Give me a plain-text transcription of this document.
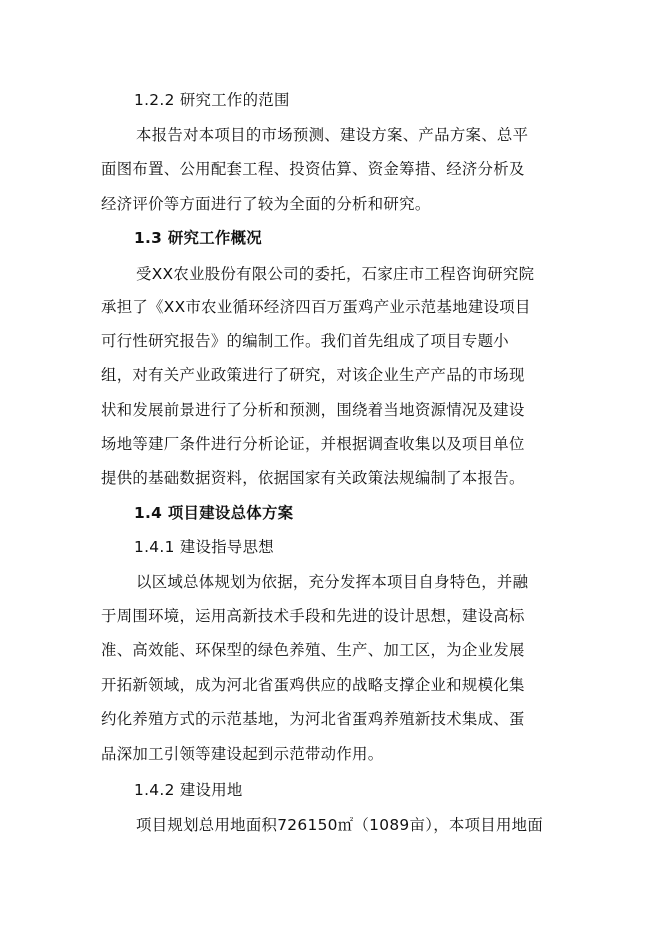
1.2.2 研究工作的范围
本报告对本项目的市场预测、建设方案、产品方案、总平
面图布置、公用配套工程、投资估算、资金筹措、经济分析及
经济评价等方面进行了较为全面的分析和研究。
1.3 研究工作概况
受XX农业股份有限公司的委托，石家庄市工程咨询研究院
承担了《XX市农业循环经济四百万蛋鸡产业示范基地建设项目
可行性研究报告》的编制工作。我们首先组成了项目专题小
组，对有关产业政策进行了研究，对该企业生产产品的市场现
状和发展前景进行了分析和预测，围绕着当地资源情况及建设
场地等建厂条件进行分析论证，并根据调查收集以及项目单位
提供的基础数据资料，依据国家有关政策法规编制了本报告。
1.4 项目建设总体方案
1.4.1 建设指导思想
以区域总体规划为依据，充分发挥本项目自身特色，并融
于周围环境，运用高新技术手段和先进的设计思想，建设高标
准、高效能、环保型的绿色养殖、生产、加工区，为企业发展
开拓新领域，成为河北省蛋鸡供应的战略支撑企业和规模化集
约化养殖方式的示范基地，为河北省蛋鸡养殖新技术集成、蛋
品深加工引领等建设起到示范带动作用。
1.4.2 建设用地
项目规划总用地面积726150㎡（1089亩），本项目用地面
